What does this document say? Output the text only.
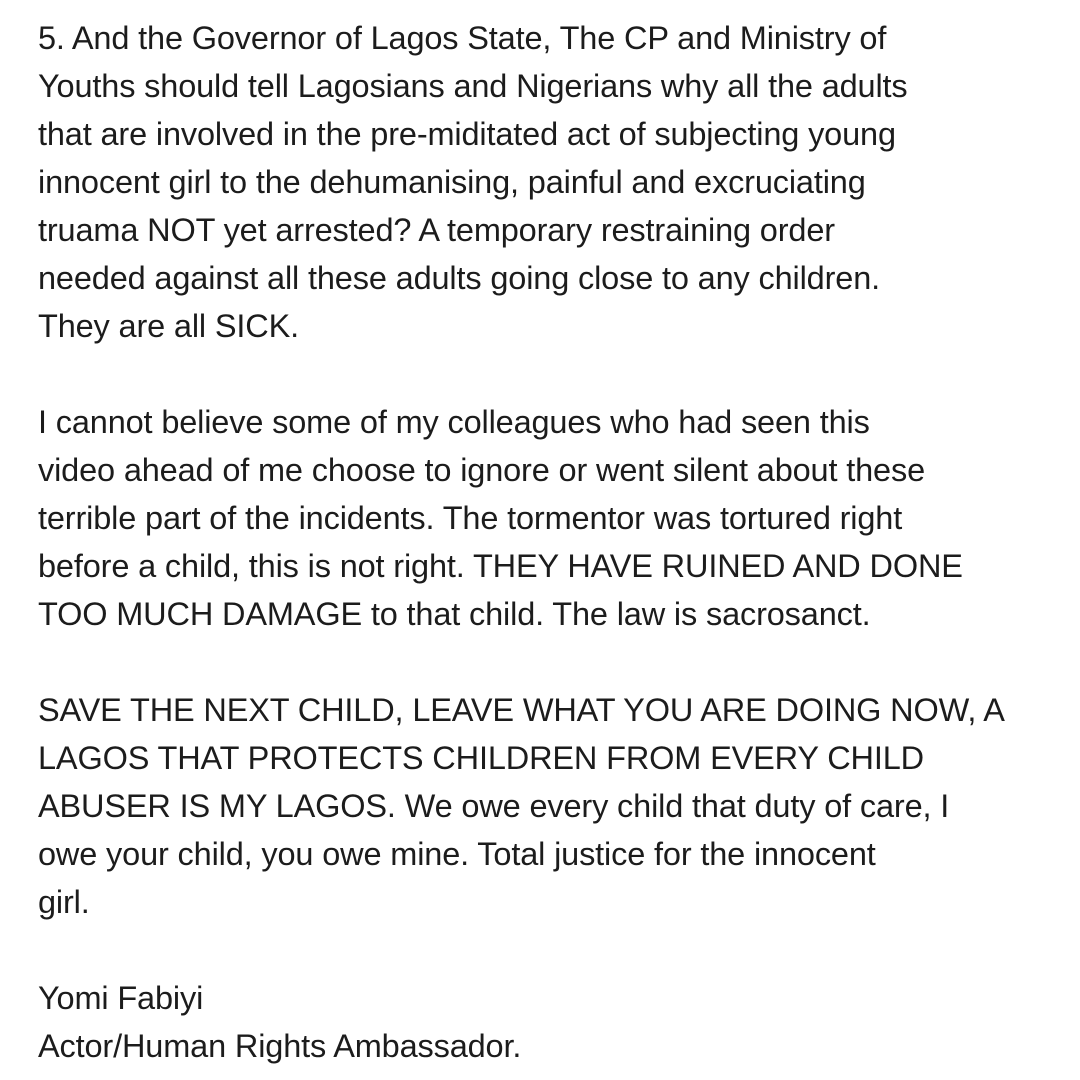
5. And the Governor of Lagos State, The CP and Ministry of
Youths should tell Lagosians and Nigerians why all the adults
that are involved in the pre-miditated act of subjecting young
innocent girl to the dehumanising, painful and excruciating
truama NOT yet arrested? A temporary restraining order
needed against all these adults going close to any children.
They are all SICK.

I cannot believe some of my colleagues who had seen this
video ahead of me choose to ignore or went silent about these
terrible part of the incidents. The tormentor was tortured right
before a child, this is not right. THEY HAVE RUINED AND DONE
TOO MUCH DAMAGE to that child. The law is sacrosanct.

SAVE THE NEXT CHILD, LEAVE WHAT YOU ARE DOING NOW, A
LAGOS THAT PROTECTS CHILDREN FROM EVERY CHILD
ABUSER IS MY LAGOS. We owe every child that duty of care, I
owe your child, you owe mine. Total justice for the innocent
girl.

Yomi Fabiyi
Actor/Human Rights Ambassador.
